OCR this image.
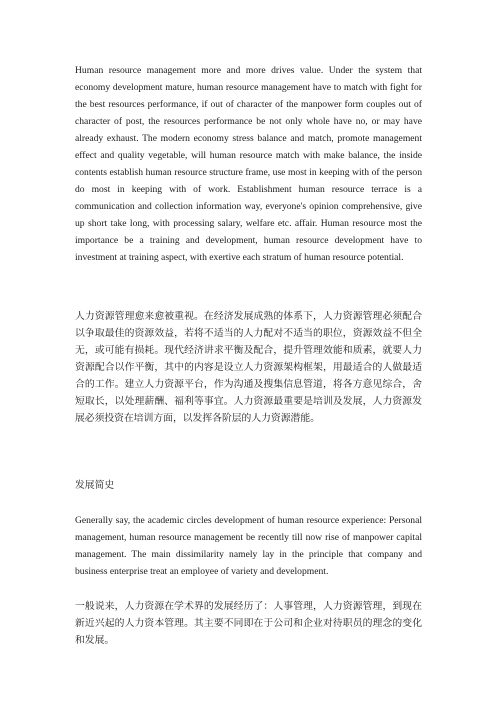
Human resource management more and more drives value. Under the system that economy development mature, human resource management have to match with fight for the best resources performance, if out of character of the manpower form couples out of character of post, the resources performance be not only whole have no, or may have already exhaust. The modern economy stress balance and match, promote management effect and quality vegetable, will human resource match with make balance, the inside contents establish human resource structure frame, use most in keeping with of the person do most in keeping with of work. Establishment human resource terrace is a communication and collection information way, everyone's opinion comprehensive, give up short take long, with processing salary, welfare etc. affair. Human resource most the importance be a training and development, human resource development have to investment at training aspect, with exertive each stratum of human resource potential.

人力资源管理愈来愈被重视。在经济发展成熟的体系下，人力资源管理必须配合以争取最佳的资源效益，若将不适当的人力配对不适当的职位，资源效益不但全无，或可能有损耗。现代经济讲求平衡及配合，提升管理效能和质素，就要人力资源配合以作平衡，其中的内容是设立人力资源架构框架，用最适合的人做最适合的工作。建立人力资源平台，作为沟通及搜集信息管道，将各方意见综合，舍短取长，以处理薪酬、福利等事宜。人力资源最重要是培训及发展，人力资源发展必须投资在培训方面，以发挥各阶层的人力资源潜能。

发展简史

Generally say, the academic circles development of human resource experience: Personal management, human resource management be recently till now rise of manpower capital management. The main dissimilarity namely lay in the principle that company and business enterprise treat an employee of variety and development.

一般说来，人力资源在学术界的发展经历了：人事管理，人力资源管理，到现在新近兴起的人力资本管理。其主要不同即在于公司和企业对待职员的理念的变化和发展。
